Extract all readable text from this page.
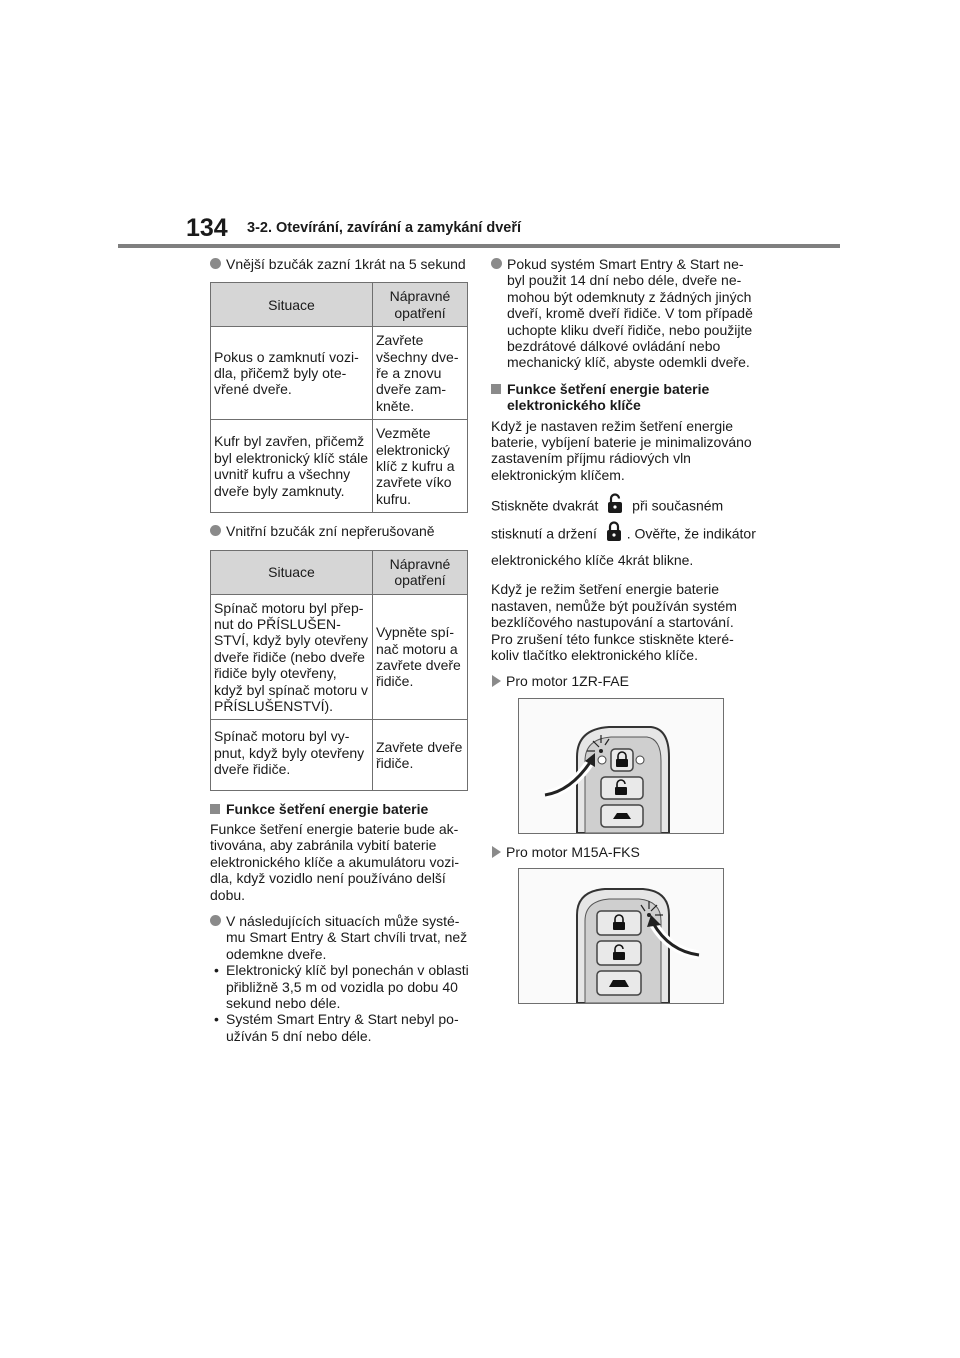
134 3-2. Otevírání, zavírání a zamykání dveří
Vnější bzučák zazní 1krát na 5 sekund
Situace	Nápravné opatření
Pokus o zamknutí vozidla, přičemž byly otevřené dveře.	Zavřete všechny dveře a znovu dveře zamkněte.
Kufr byl zavřen, přičemž byl elektronický klíč stále uvnitř kufru a všechny dveře byly zamknuty.	Vezměte elektronický klíč z kufru a zavřete víko kufru.
Vnitřní bzučák zní nepřerušovaně
Situace	Nápravné opatření
Spínač motoru byl přepnut do PŘÍSLUŠENSTVÍ, když byly otevřeny dveře řidiče (nebo dveře řidiče byly otevřeny, když byl spínač motoru v PŘÍSLUŠENSTVÍ).	Vypněte spínač motoru a zavřete dveře řidiče.
Spínač motoru byl vypnut, když byly otevřeny dveře řidiče.	Zavřete dveře řidiče.
Funkce šetření energie baterie
Funkce šetření energie baterie bude aktivována, aby zabránila vybití baterie elektronického klíče a akumulátoru vozidla, když vozidlo není používáno delší dobu.
V následujících situacích může systému Smart Entry & Start chvíli trvat, než odemkne dveře.
• Elektronický klíč byl ponechán v oblasti přibližně 3,5 m od vozidla po dobu 40 sekund nebo déle.
• Systém Smart Entry & Start nebyl používán 5 dní nebo déle.
Pokud systém Smart Entry & Start nebyl použit 14 dní nebo déle, dveře nemohou být odemknuty z žádných jiných dveří, kromě dveří řidiče. V tom případě uchopte kliku dveří řidiče, nebo použijte bezdrátové dálkové ovládání nebo mechanický klíč, abyste odemkli dveře.
Funkce šetření energie baterie elektronického klíče
Když je nastaven režim šetření energie baterie, vybíjení baterie je minimalizováno zastavením příjmu rádiových vln elektronickým klíčem.
Stiskněte dvakrát při současném
stisknutí a držení . Ověřte, že indikátor elektronického klíče 4krát blikne.
Když je režim šetření energie baterie nastaven, nemůže být používán systém bezklíčového nastupování a startování. Pro zrušení této funkce stiskněte kterékoliv tlačítko elektronického klíče.
Pro motor 1ZR-FAE
Pro motor M15A-FKS
